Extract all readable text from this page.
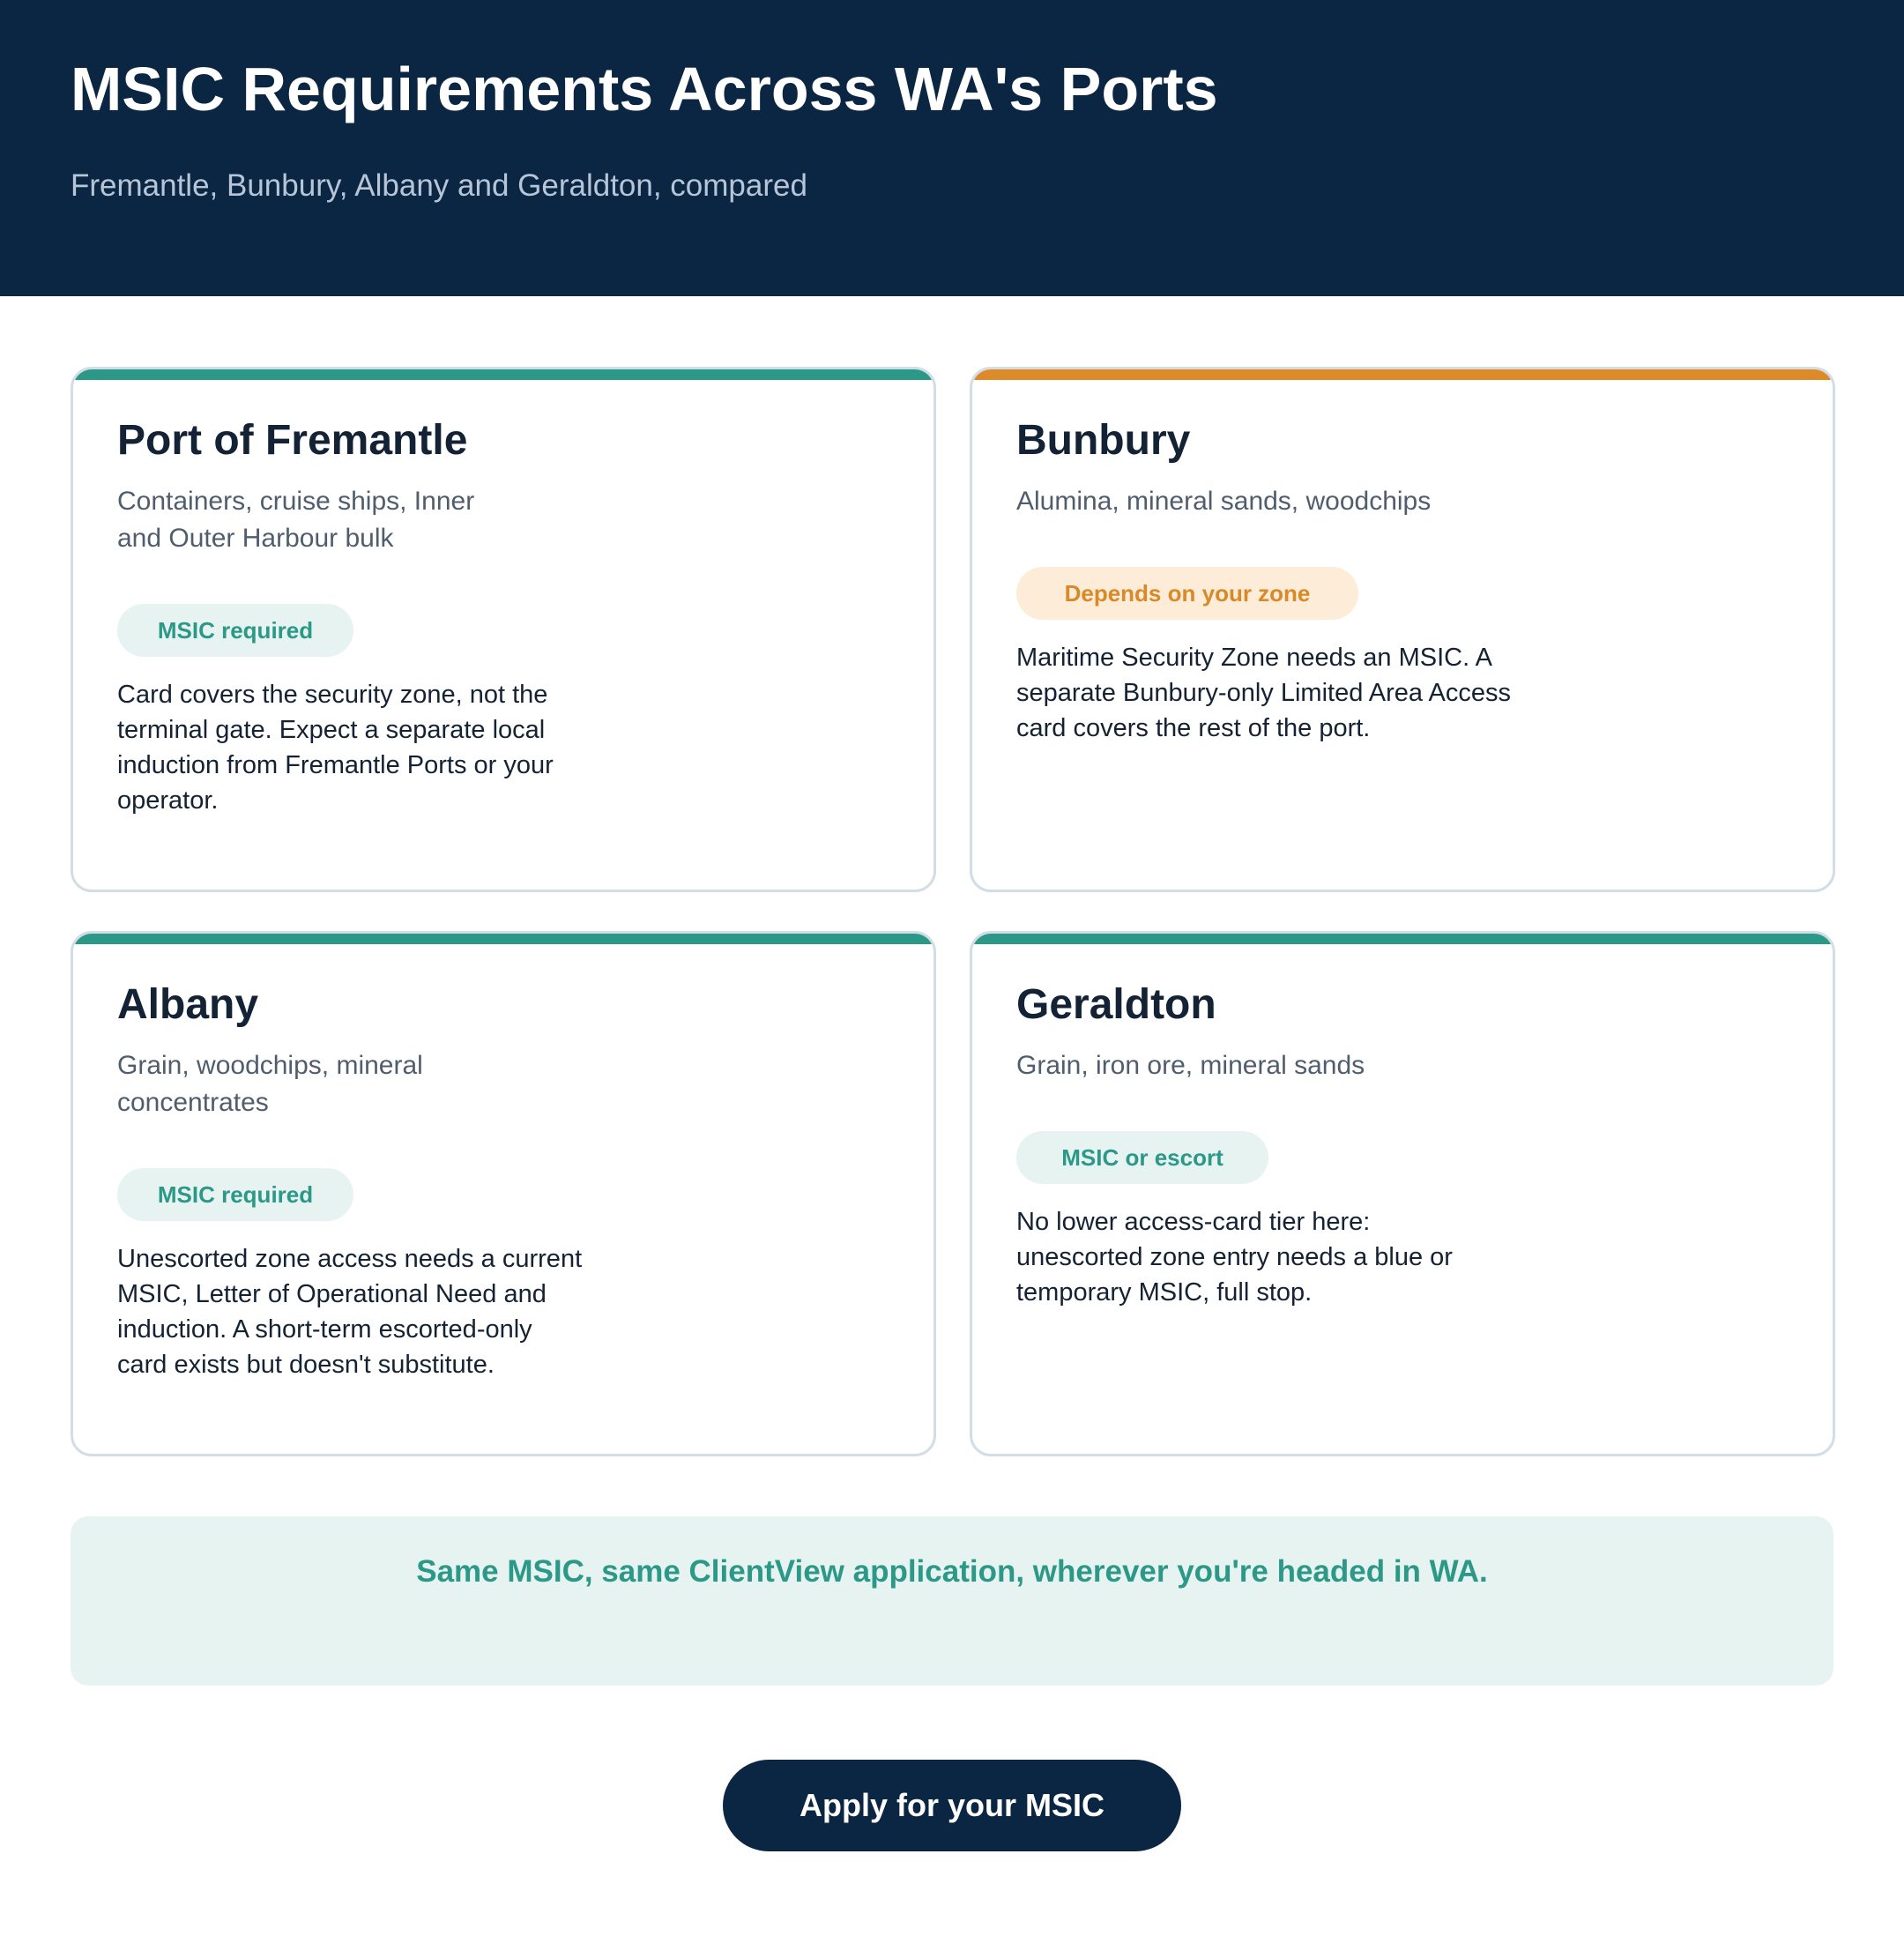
MSIC Requirements Across WA's Ports

Fremantle, Bunbury, Albany and Geraldton, compared

Port of Fremantle

Containers, cruise ships, Inner and Outer Harbour bulk

MSIC required

Card covers the security zone, not the terminal gate. Expect a separate local induction from Fremantle Ports or your operator.

Bunbury

Alumina, mineral sands, woodchips

Depends on your zone

Maritime Security Zone needs an MSIC. A separate Bunbury-only Limited Area Access card covers the rest of the port.

Albany

Grain, woodchips, mineral concentrates

MSIC required

Unescorted zone access needs a current MSIC, Letter of Operational Need and induction. A short-term escorted-only card exists but doesn't substitute.

Geraldton

Grain, iron ore, mineral sands

MSIC or escort

No lower access-card tier here: unescorted zone entry needs a blue or temporary MSIC, full stop.

Same MSIC, same ClientView application, wherever you're headed in WA.

Apply for your MSIC
